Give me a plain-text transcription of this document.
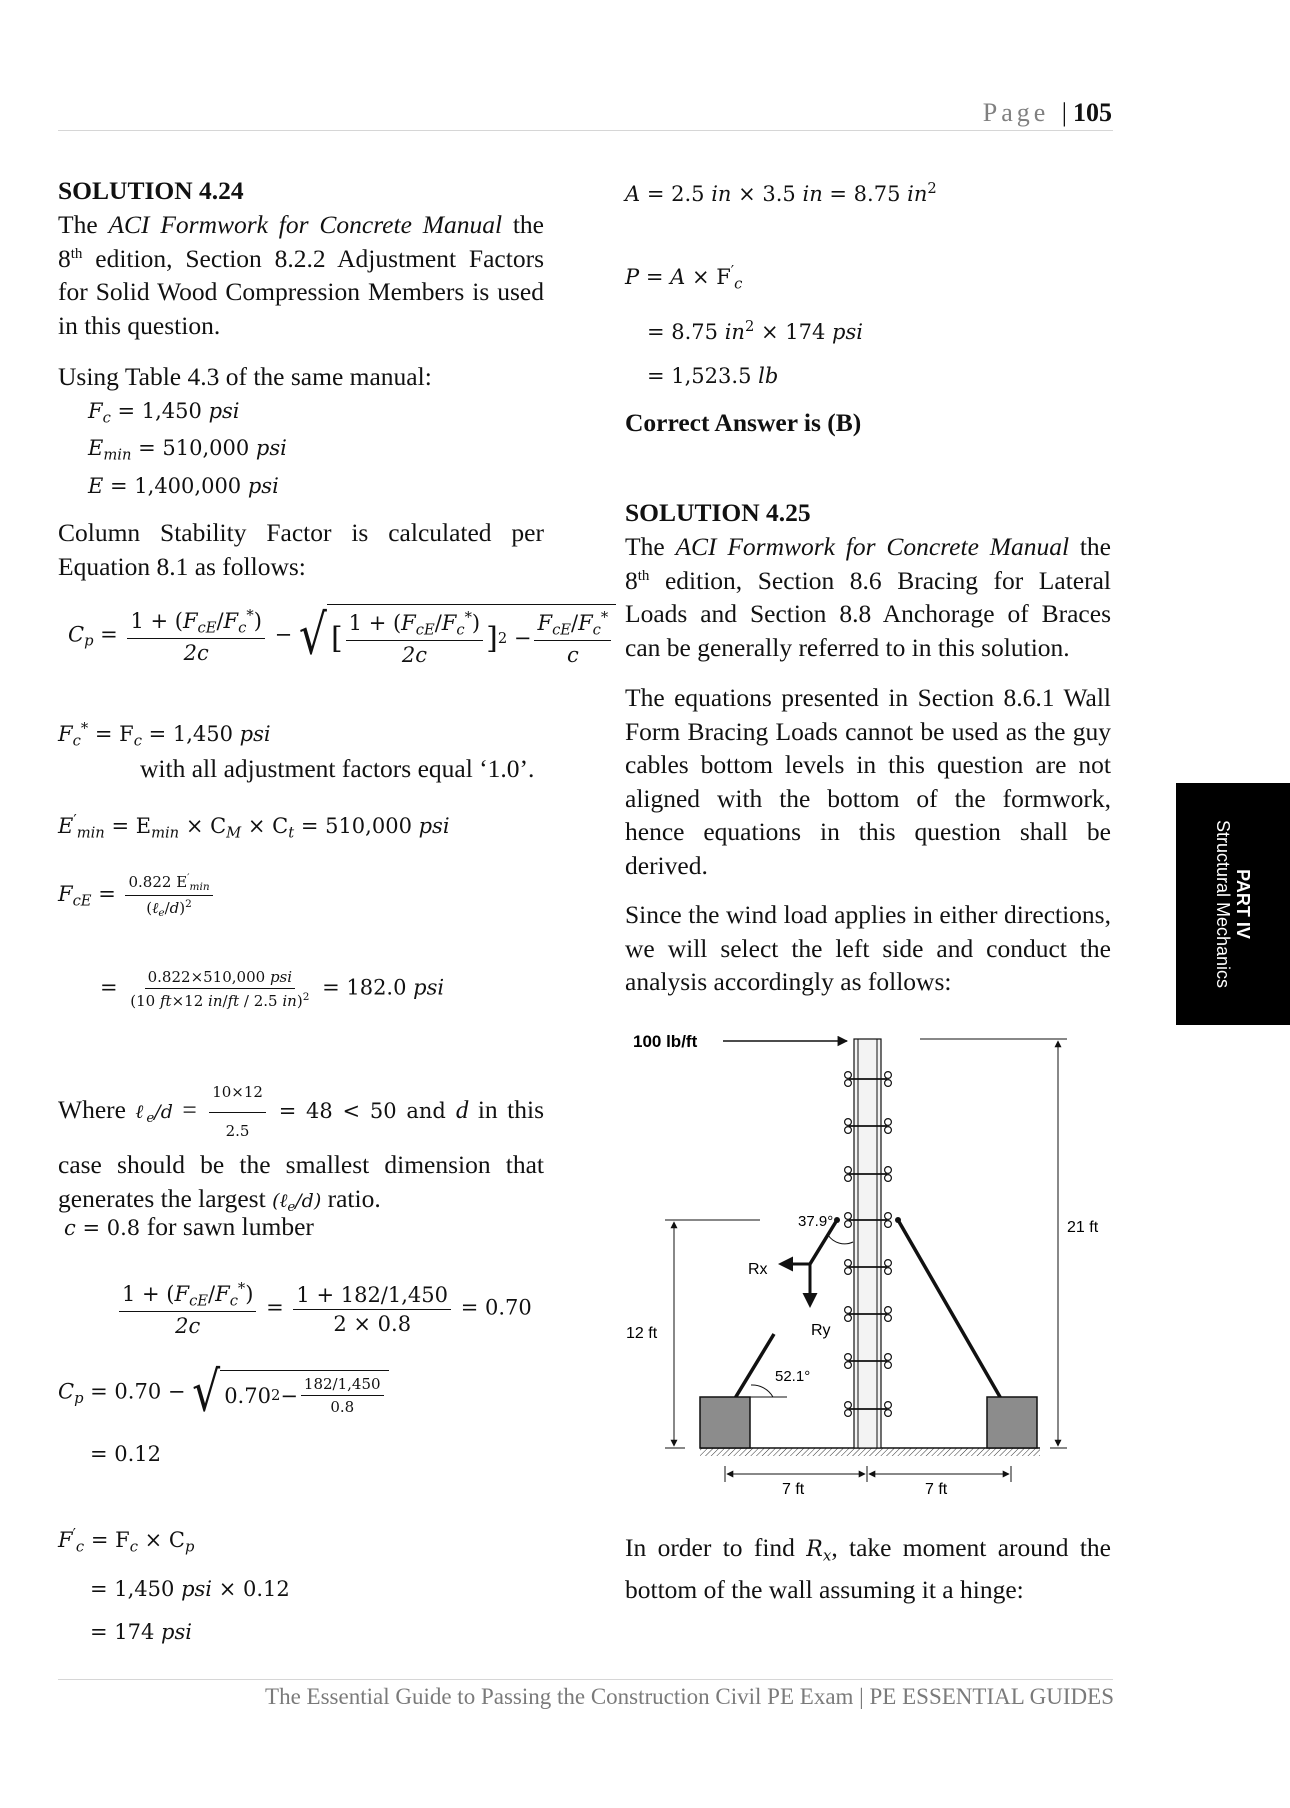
Page | 105
PART IV
Structural Mechanics
SOLUTION 4.24
The ACI Formwork for Concrete Manual the 8th edition, Section 8.2.2 Adjustment Factors for Solid Wood Compression Members is used in this question.
Using Table 4.3 of the same manual:
$F_c = 1,450$ psi
$E_{min} = 510,000$ psi
E = 1,400,000 psi
Column Stability Factor is calculated per Equation 8.1 as follows:
$C_p = \frac{1 + (F_{cE}/F_c^*)}{2c}$ − √ [ $\frac{1 + (F_{cE}/F_c^*)}{2c}$ ] $2 - \frac{F_{cE}/F_c^*}{c}$
$F_c^* = F_c = 1,450$ psi
with all adjustment factors equal ‘1.0’.
$E'_{min} = E_{min} \times C_M \times C_t = 510,000$ psi
$F_{cE} = \frac{0.822 E'_{min}}{(\ell_e/d)^2}$
= $\frac{\text{0.822×510,000 psi}}{(10 ft\times 12 in/ft / 2.5 in)^2} = 182.0$ psi
Where ℓ$_e$/d = $\frac{10\times 12}{2.5} = 48 < 50$ and d in this case should be the smallest dimension that generates the largest (ℓ$_e$/d) ratio.
c = 0.8 for sawn lumber
$\frac{1 + (F_{cE}/F_c^*)}{2c} = \frac{1 + 182/1,450}{2 \times 0.8} = 0.70$
$C_p = 0.70$ − √ 0.70 $2 - \frac{182/1,450}{0.8}$
= 0.12
$F'_c = F_c \times C_p$
= 1,450 psi × 0.12
= 174 psi
A = 2.5 in × 3.5 in = 8.75 $in^2$
$P = A \times F'_c$
= 8.75 $in^2 \times 174$ psi
= 1,523.5 lb
Correct Answer is (B)
SOLUTION 4.25
The ACI Formwork for Concrete Manual the 8th edition, Section 8.6 Bracing for Lateral Loads and Section 8.8 Anchorage of Braces can be generally referred to in this solution.
The equations presented in Section 8.6.1 Wall Form Bracing Loads cannot be used as the guy cables bottom levels in this question are not aligned with the bottom of the formwork, hence equations in this question shall be derived.
Since the wind load applies in either directions, we will select the left side and conduct the analysis accordingly as follows:
100 lb/ft
Rx
Ry
37.9°
52.1°
12 ft
21 ft
7 ft	7 ft
In order to find $R_x$, take moment around the bottom of the wall assuming it a hinge:
The Essential Guide to Passing the Construction Civil PE Exam | PE ESSENTIAL GUIDES
